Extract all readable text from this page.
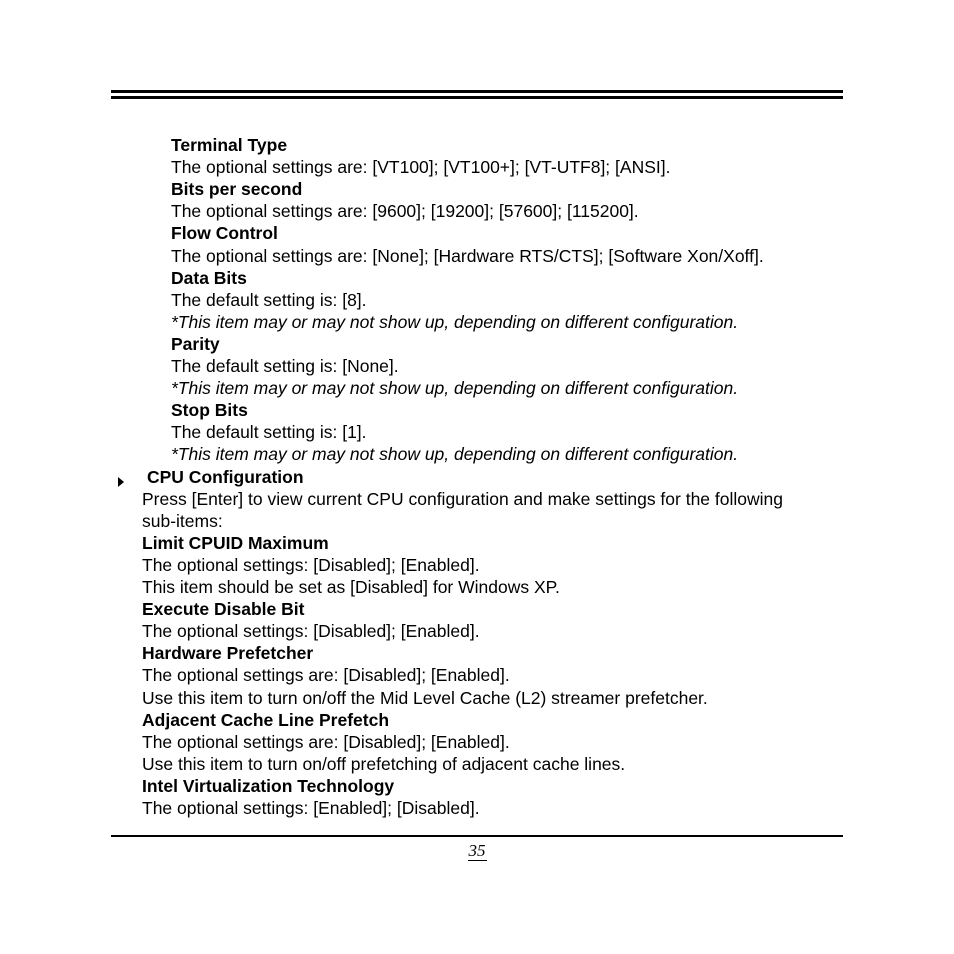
Terminal Type
The optional settings are: [VT100]; [VT100+]; [VT-UTF8]; [ANSI].
Bits per second
The optional settings are: [9600]; [19200]; [57600]; [115200].
Flow Control
The optional settings are: [None]; [Hardware RTS/CTS]; [Software Xon/Xoff].
Data Bits
The default setting is: [8].
*This item may or may not show up, depending on different configuration.
Parity
The default setting is: [None].
*This item may or may not show up, depending on different configuration.
Stop Bits
The default setting is: [1].
*This item may or may not show up, depending on different configuration.
CPU Configuration
Press [Enter] to view current CPU configuration and make settings for the following
sub-items:
Limit CPUID Maximum
The optional settings: [Disabled]; [Enabled].
This item should be set as [Disabled] for Windows XP.
Execute Disable Bit
The optional settings: [Disabled]; [Enabled].
Hardware Prefetcher
The optional settings are: [Disabled]; [Enabled].
Use this item to turn on/off the Mid Level Cache (L2) streamer prefetcher.
Adjacent Cache Line Prefetch
The optional settings are: [Disabled]; [Enabled].
Use this item to turn on/off prefetching of adjacent cache lines.
Intel Virtualization Technology
The optional settings: [Enabled]; [Disabled].
35
